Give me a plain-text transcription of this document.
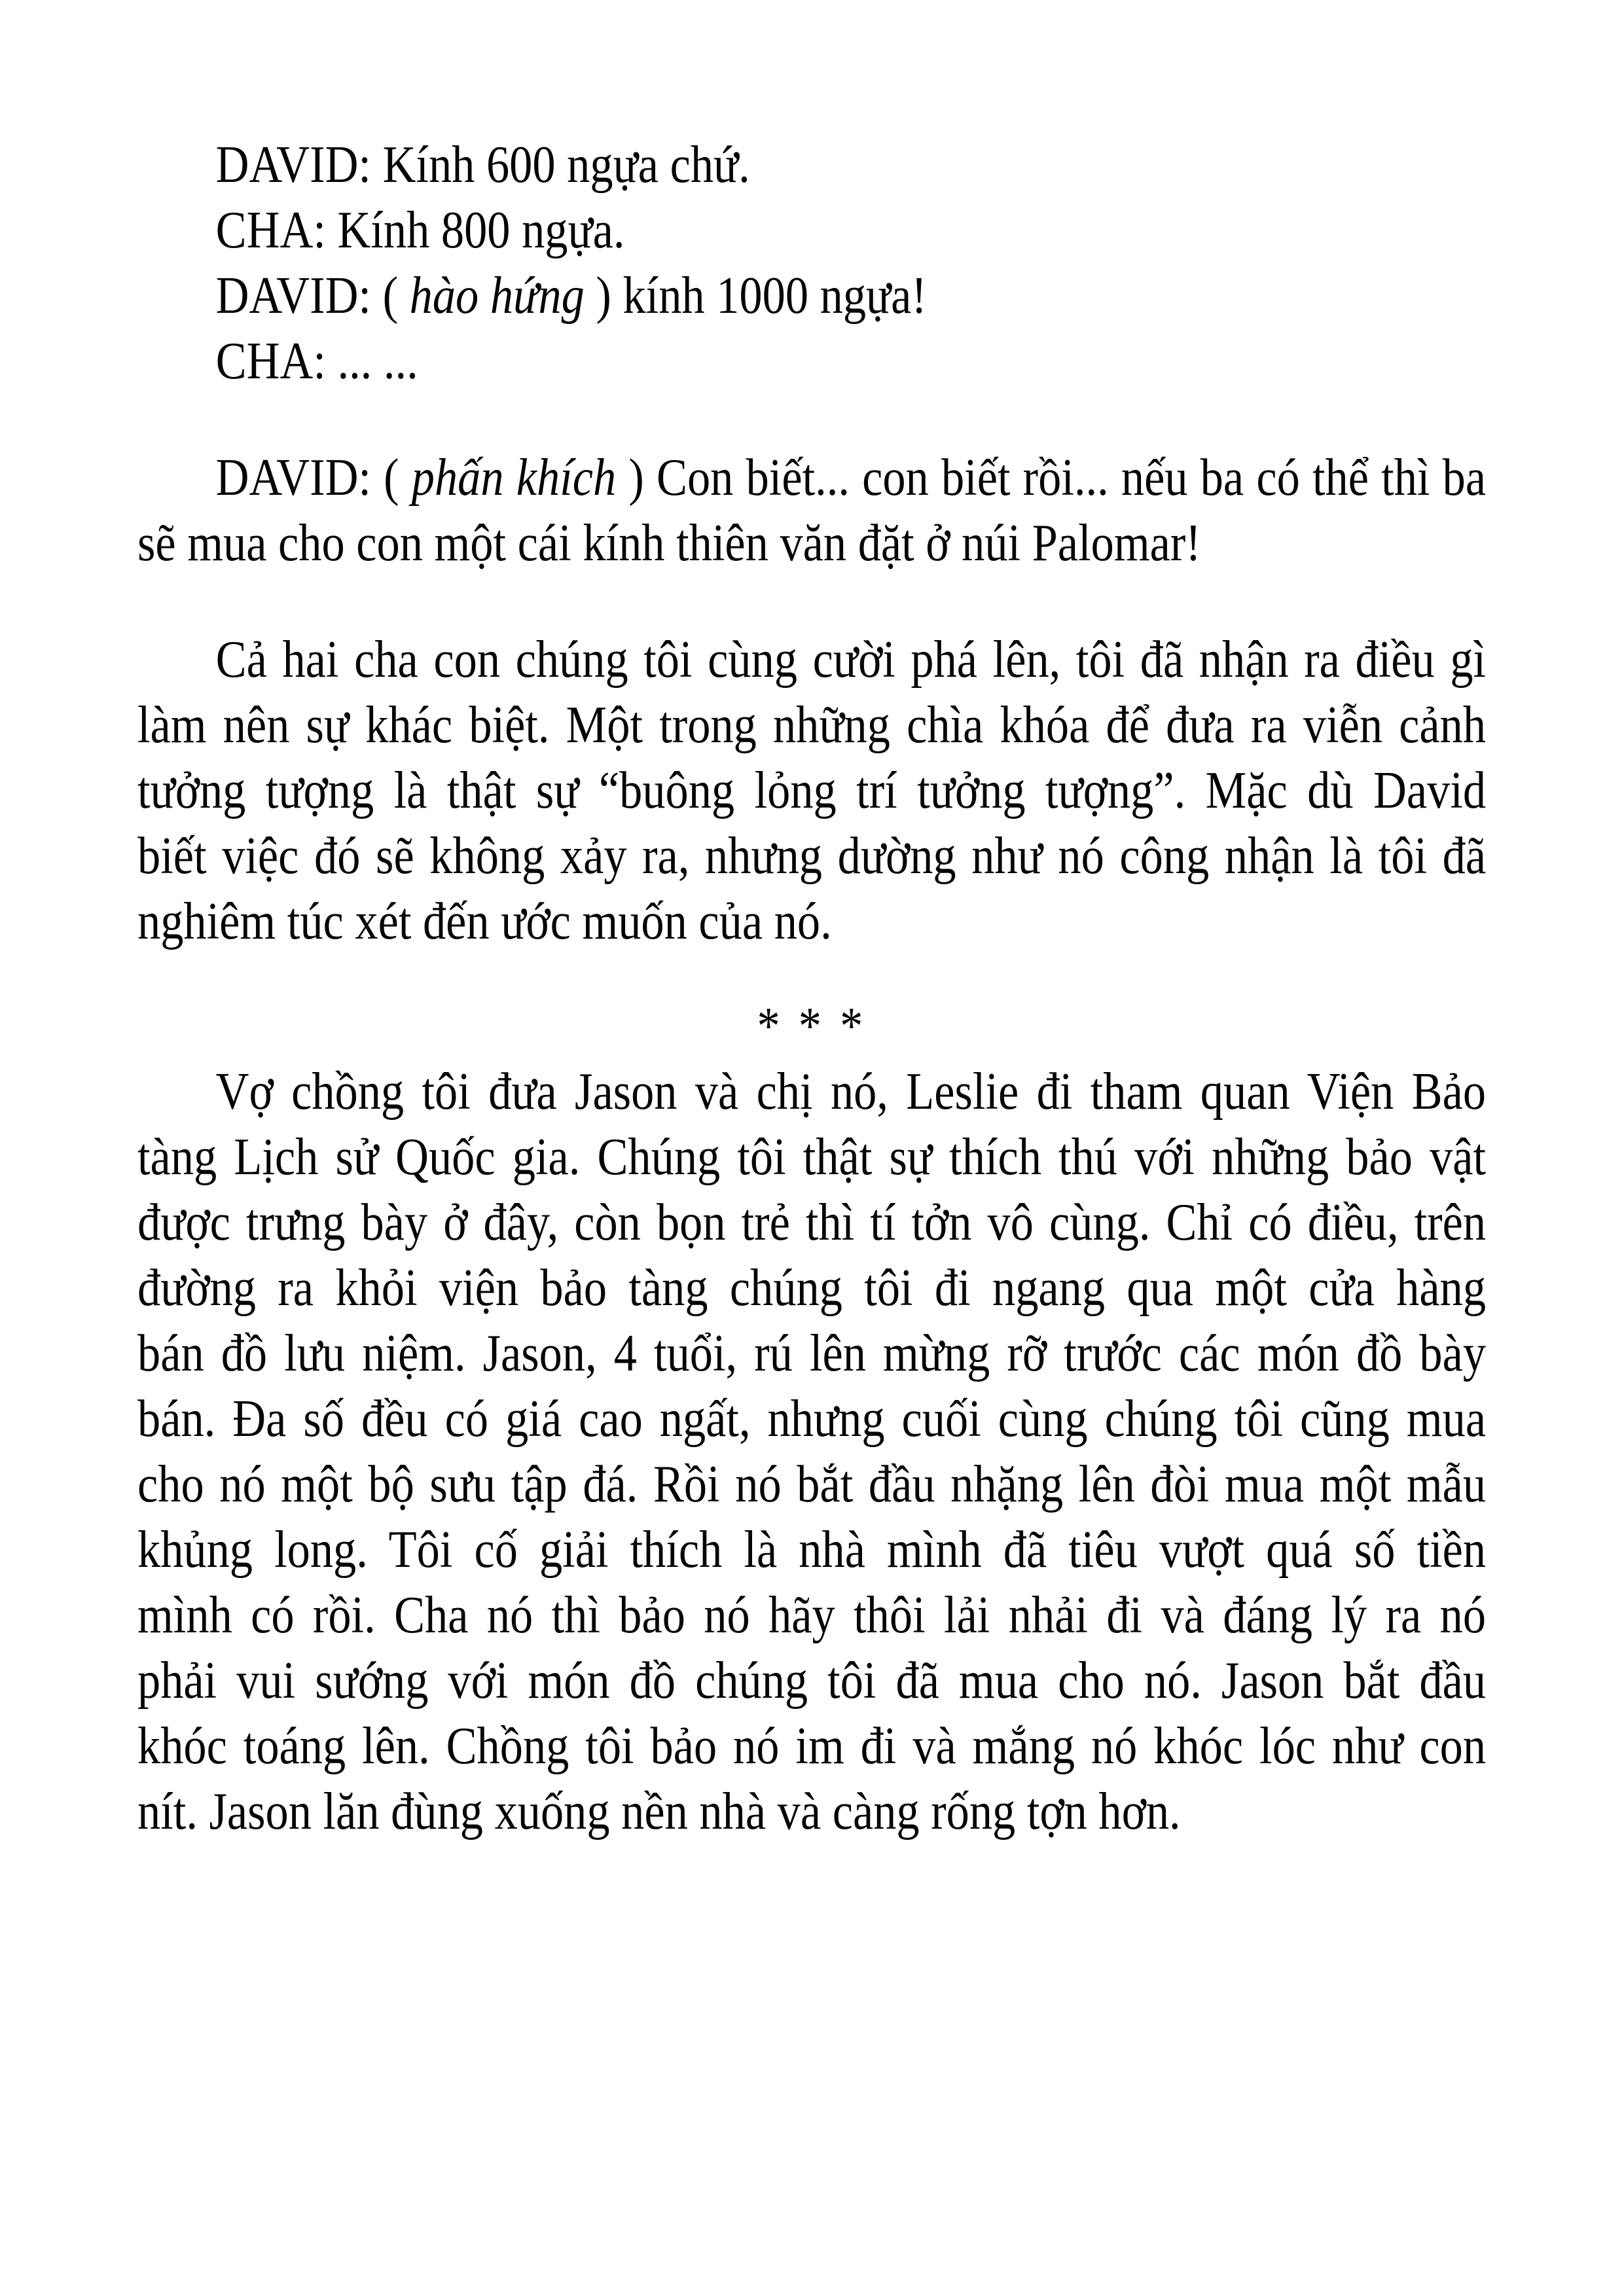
DAVID: Kính 600 ngựa chứ.

CHA: Kính 800 ngựa.

DAVID: ( hào hứng ) kính 1000 ngựa!

CHA: ... ...

DAVID: ( phấn khích ) Con biết... con biết rồi... nếu ba có thể thì ba

sẽ mua cho con một cái kính thiên văn đặt ở núi Palomar!

Cả hai cha con chúng tôi cùng cười phá lên, tôi đã nhận ra điều gì

làm nên sự khác biệt. Một trong những chìa khóa để đưa ra viễn cảnh

tưởng tượng là thật sự “buông lỏng trí tưởng tượng”. Mặc dù David

biết việc đó sẽ không xảy ra, nhưng dường như nó công nhận là tôi đã

nghiêm túc xét đến ước muốn của nó.

* * *

Vợ chồng tôi đưa Jason và chị nó, Leslie đi tham quan Viện Bảo

tàng Lịch sử Quốc gia. Chúng tôi thật sự thích thú với những bảo vật

được trưng bày ở đây, còn bọn trẻ thì tí tởn vô cùng. Chỉ có điều, trên

đường ra khỏi viện bảo tàng chúng tôi đi ngang qua một cửa hàng

bán đồ lưu niệm. Jason, 4 tuổi, rú lên mừng rỡ trước các món đồ bày

bán. Đa số đều có giá cao ngất, nhưng cuối cùng chúng tôi cũng mua

cho nó một bộ sưu tập đá. Rồi nó bắt đầu nhặng lên đòi mua một mẫu

khủng long. Tôi cố giải thích là nhà mình đã tiêu vượt quá số tiền

mình có rồi. Cha nó thì bảo nó hãy thôi lải nhải đi và đáng lý ra nó

phải vui sướng với món đồ chúng tôi đã mua cho nó. Jason bắt đầu

khóc toáng lên. Chồng tôi bảo nó im đi và mắng nó khóc lóc như con

nít. Jason lăn đùng xuống nền nhà và càng rống tợn hơn.
